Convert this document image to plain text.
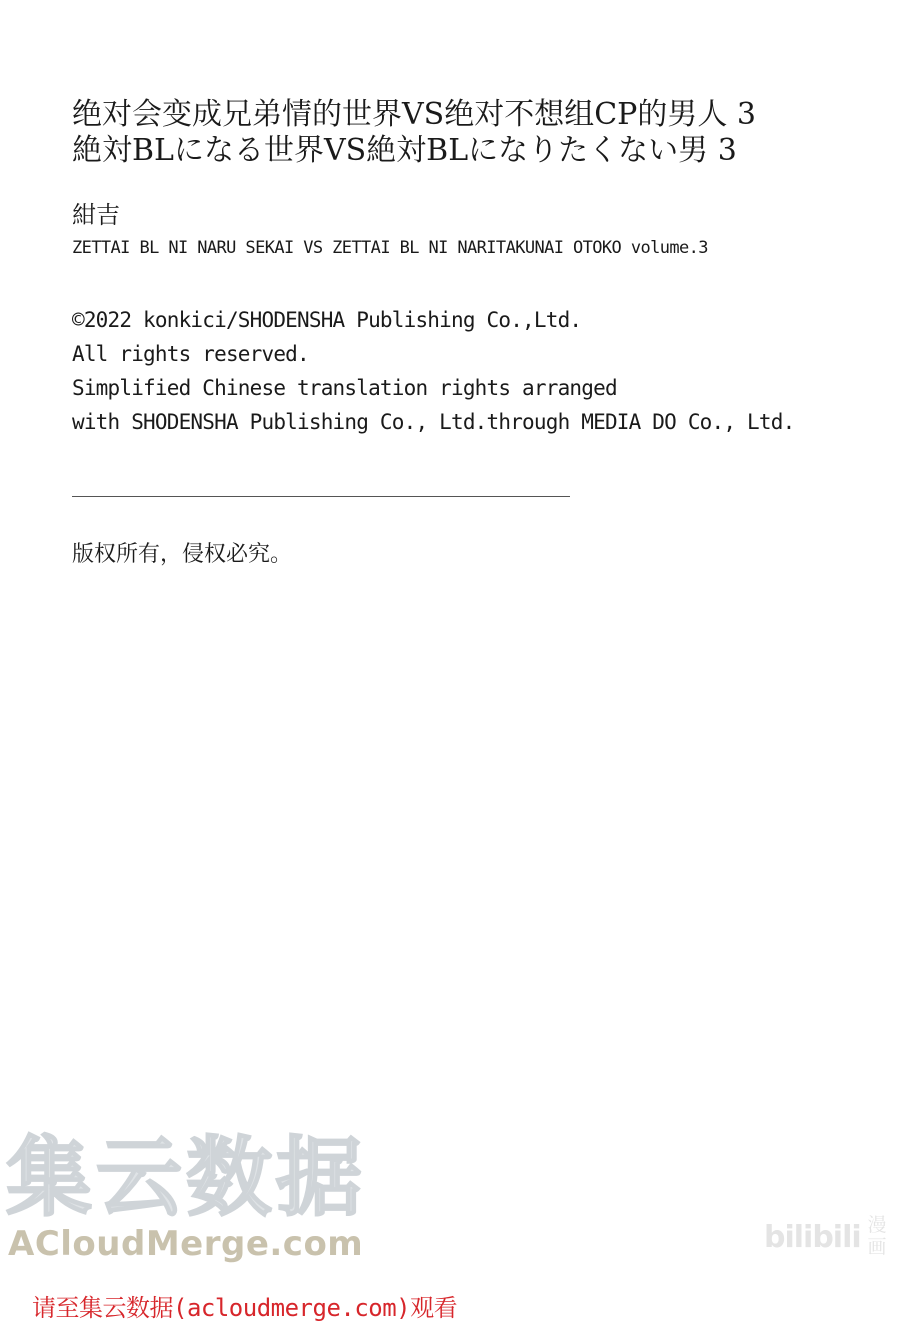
绝对会变成兄弟情的世界VS绝对不想组CP的男人 3
絶対BLになる世界VS絶対BLになりたくない男 3
紺吉
ZETTAI BL NI NARU SEKAI VS ZETTAI BL NI NARITAKUNAI OTOKO volume.3
©2022 konkici/SHODENSHA Publishing Co.,Ltd.
All rights reserved.
Simplified Chinese translation rights arranged
with SHODENSHA Publishing Co., Ltd.through MEDIA DO Co., Ltd.
版权所有，侵权必究。
集云数据
ACloudMerge.com	bilibili 漫
画
请至集云数据(acloudmerge.com)观看
